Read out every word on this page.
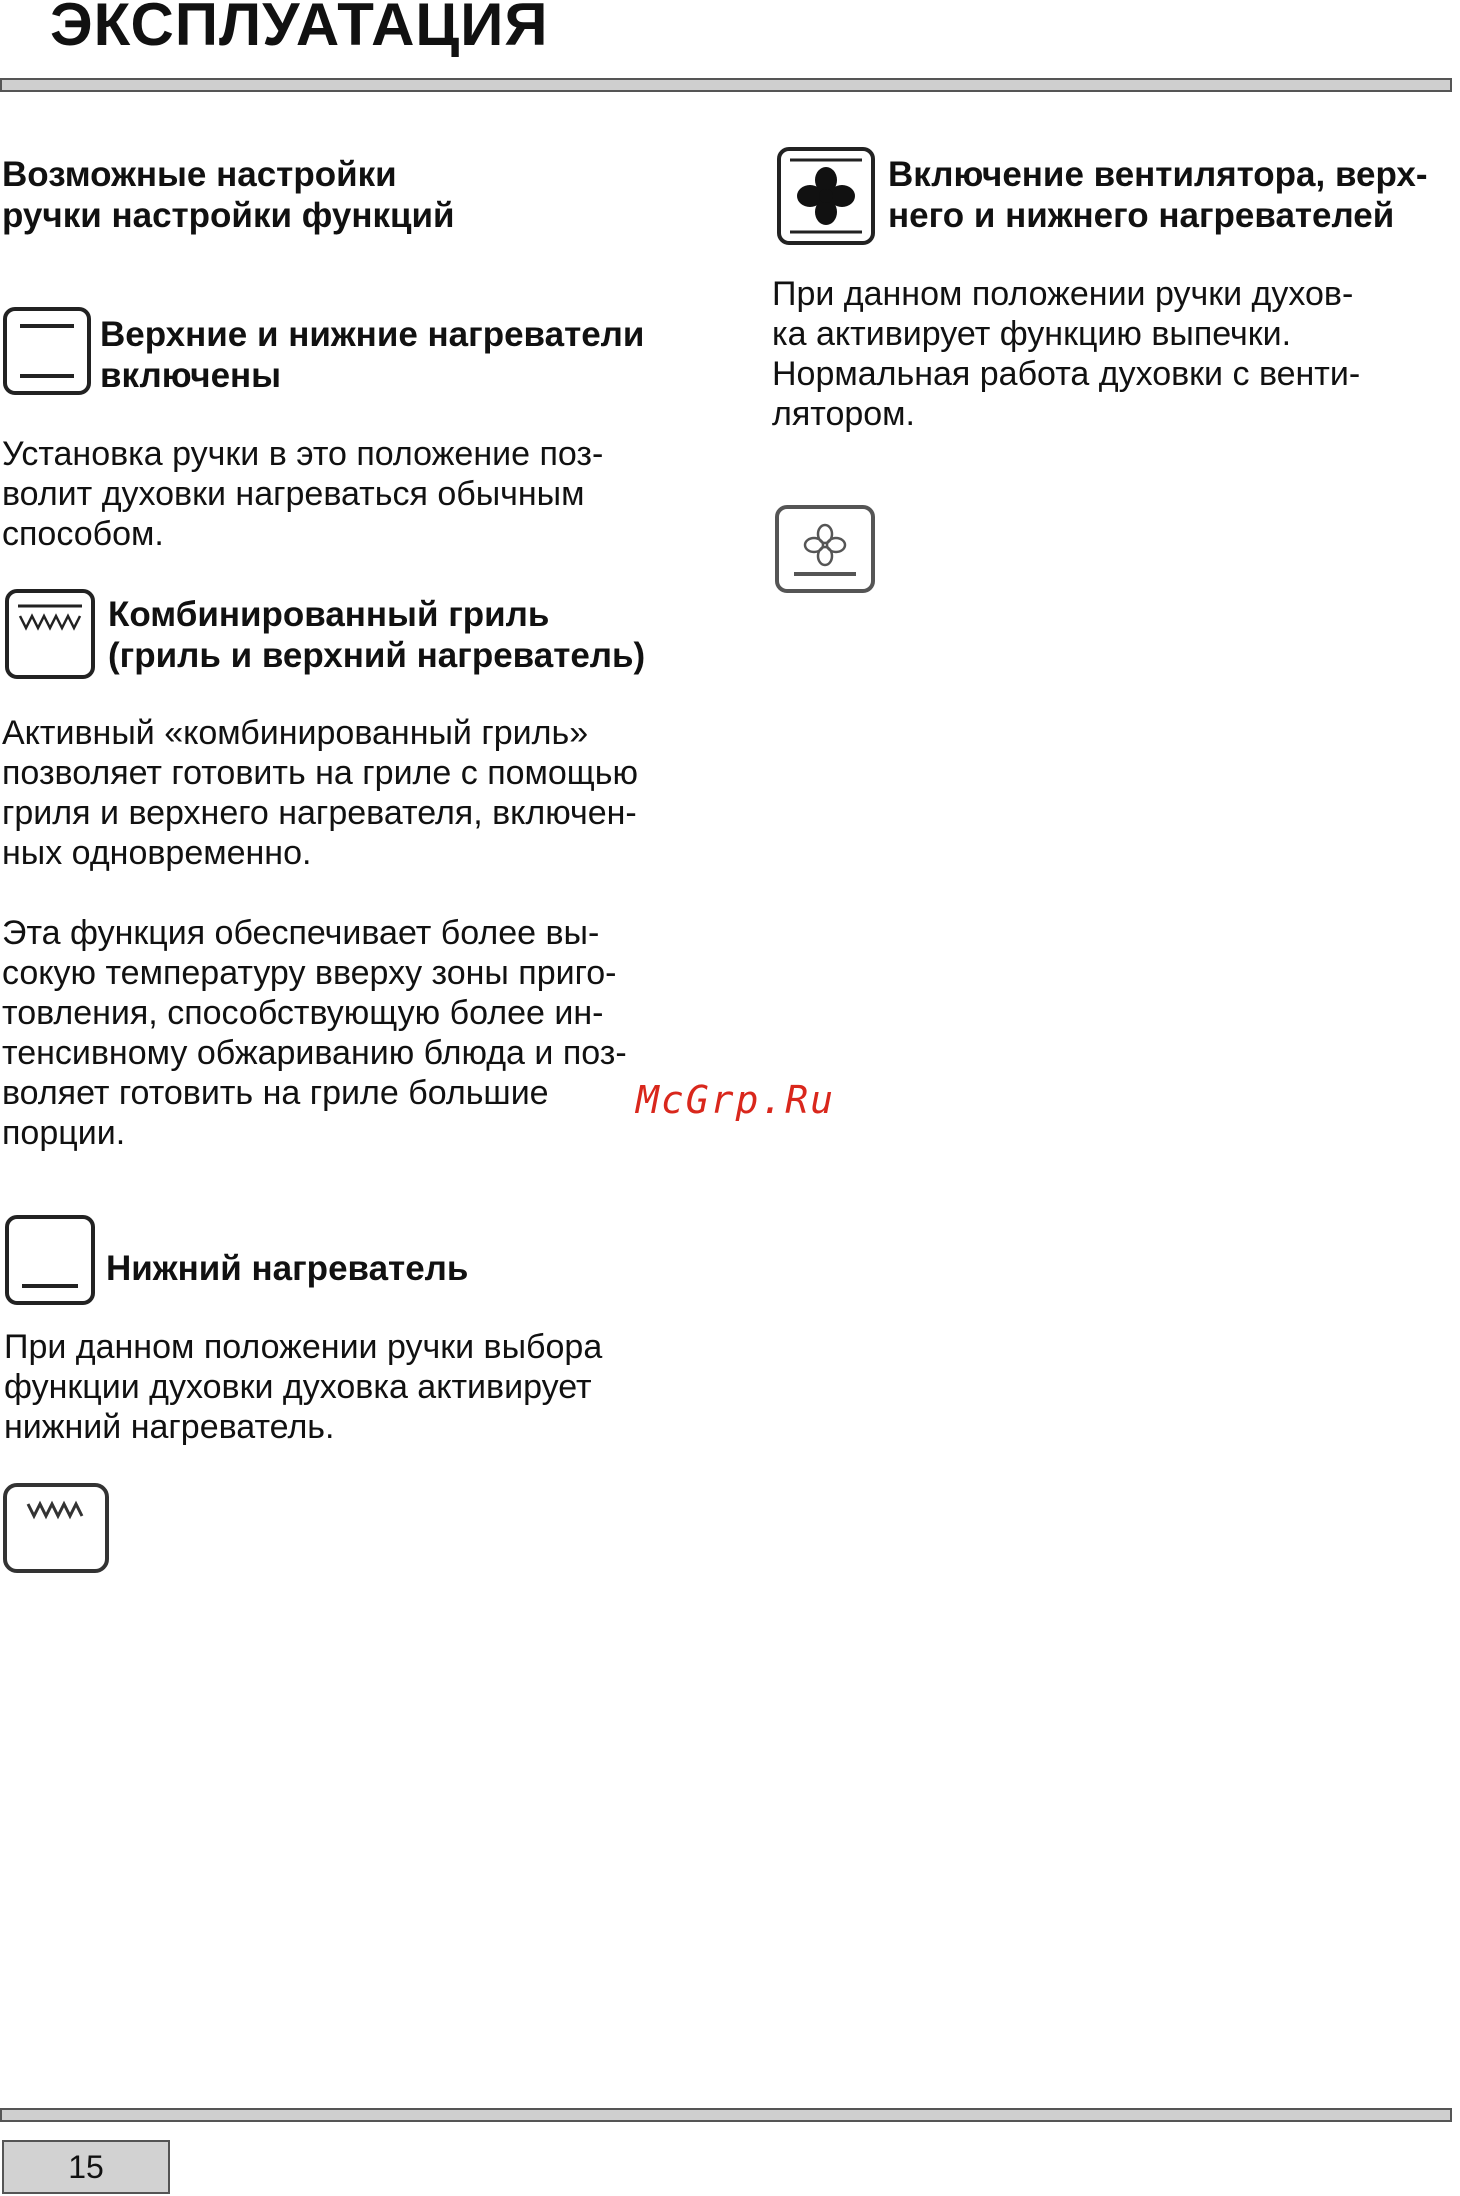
ЭКСПЛУАТАЦИЯ
Возможные настройки
ручки настройки функций
Верхние и нижние нагреватели
включены
Установка ручки в это положение поз-
волит духовки нагреваться обычным
способом.
Комбинированный гриль
(гриль и верхний нагреватель)
Активный «комбинированный гриль»
позволяет готовить на гриле с помощью
гриля и верхнего нагревателя, включен-
ных одновременно.
Эта функция обеспечивает более вы-
сокую температуру вверху зоны приго-
товления, способствующую более ин-
тенсивному обжариванию блюда и поз-
воляет готовить на гриле большие
порции.
McGrp.Ru
Нижний нагреватель
При данном положении ручки выбора
функции духовки духовка активирует
нижний нагреватель.
Включение вентилятора, верх-
него и нижнего нагревателей
При данном положении ручки духов-
ка активирует функцию выпечки.
Нормальная работа духовки с венти-
лятором.
15
